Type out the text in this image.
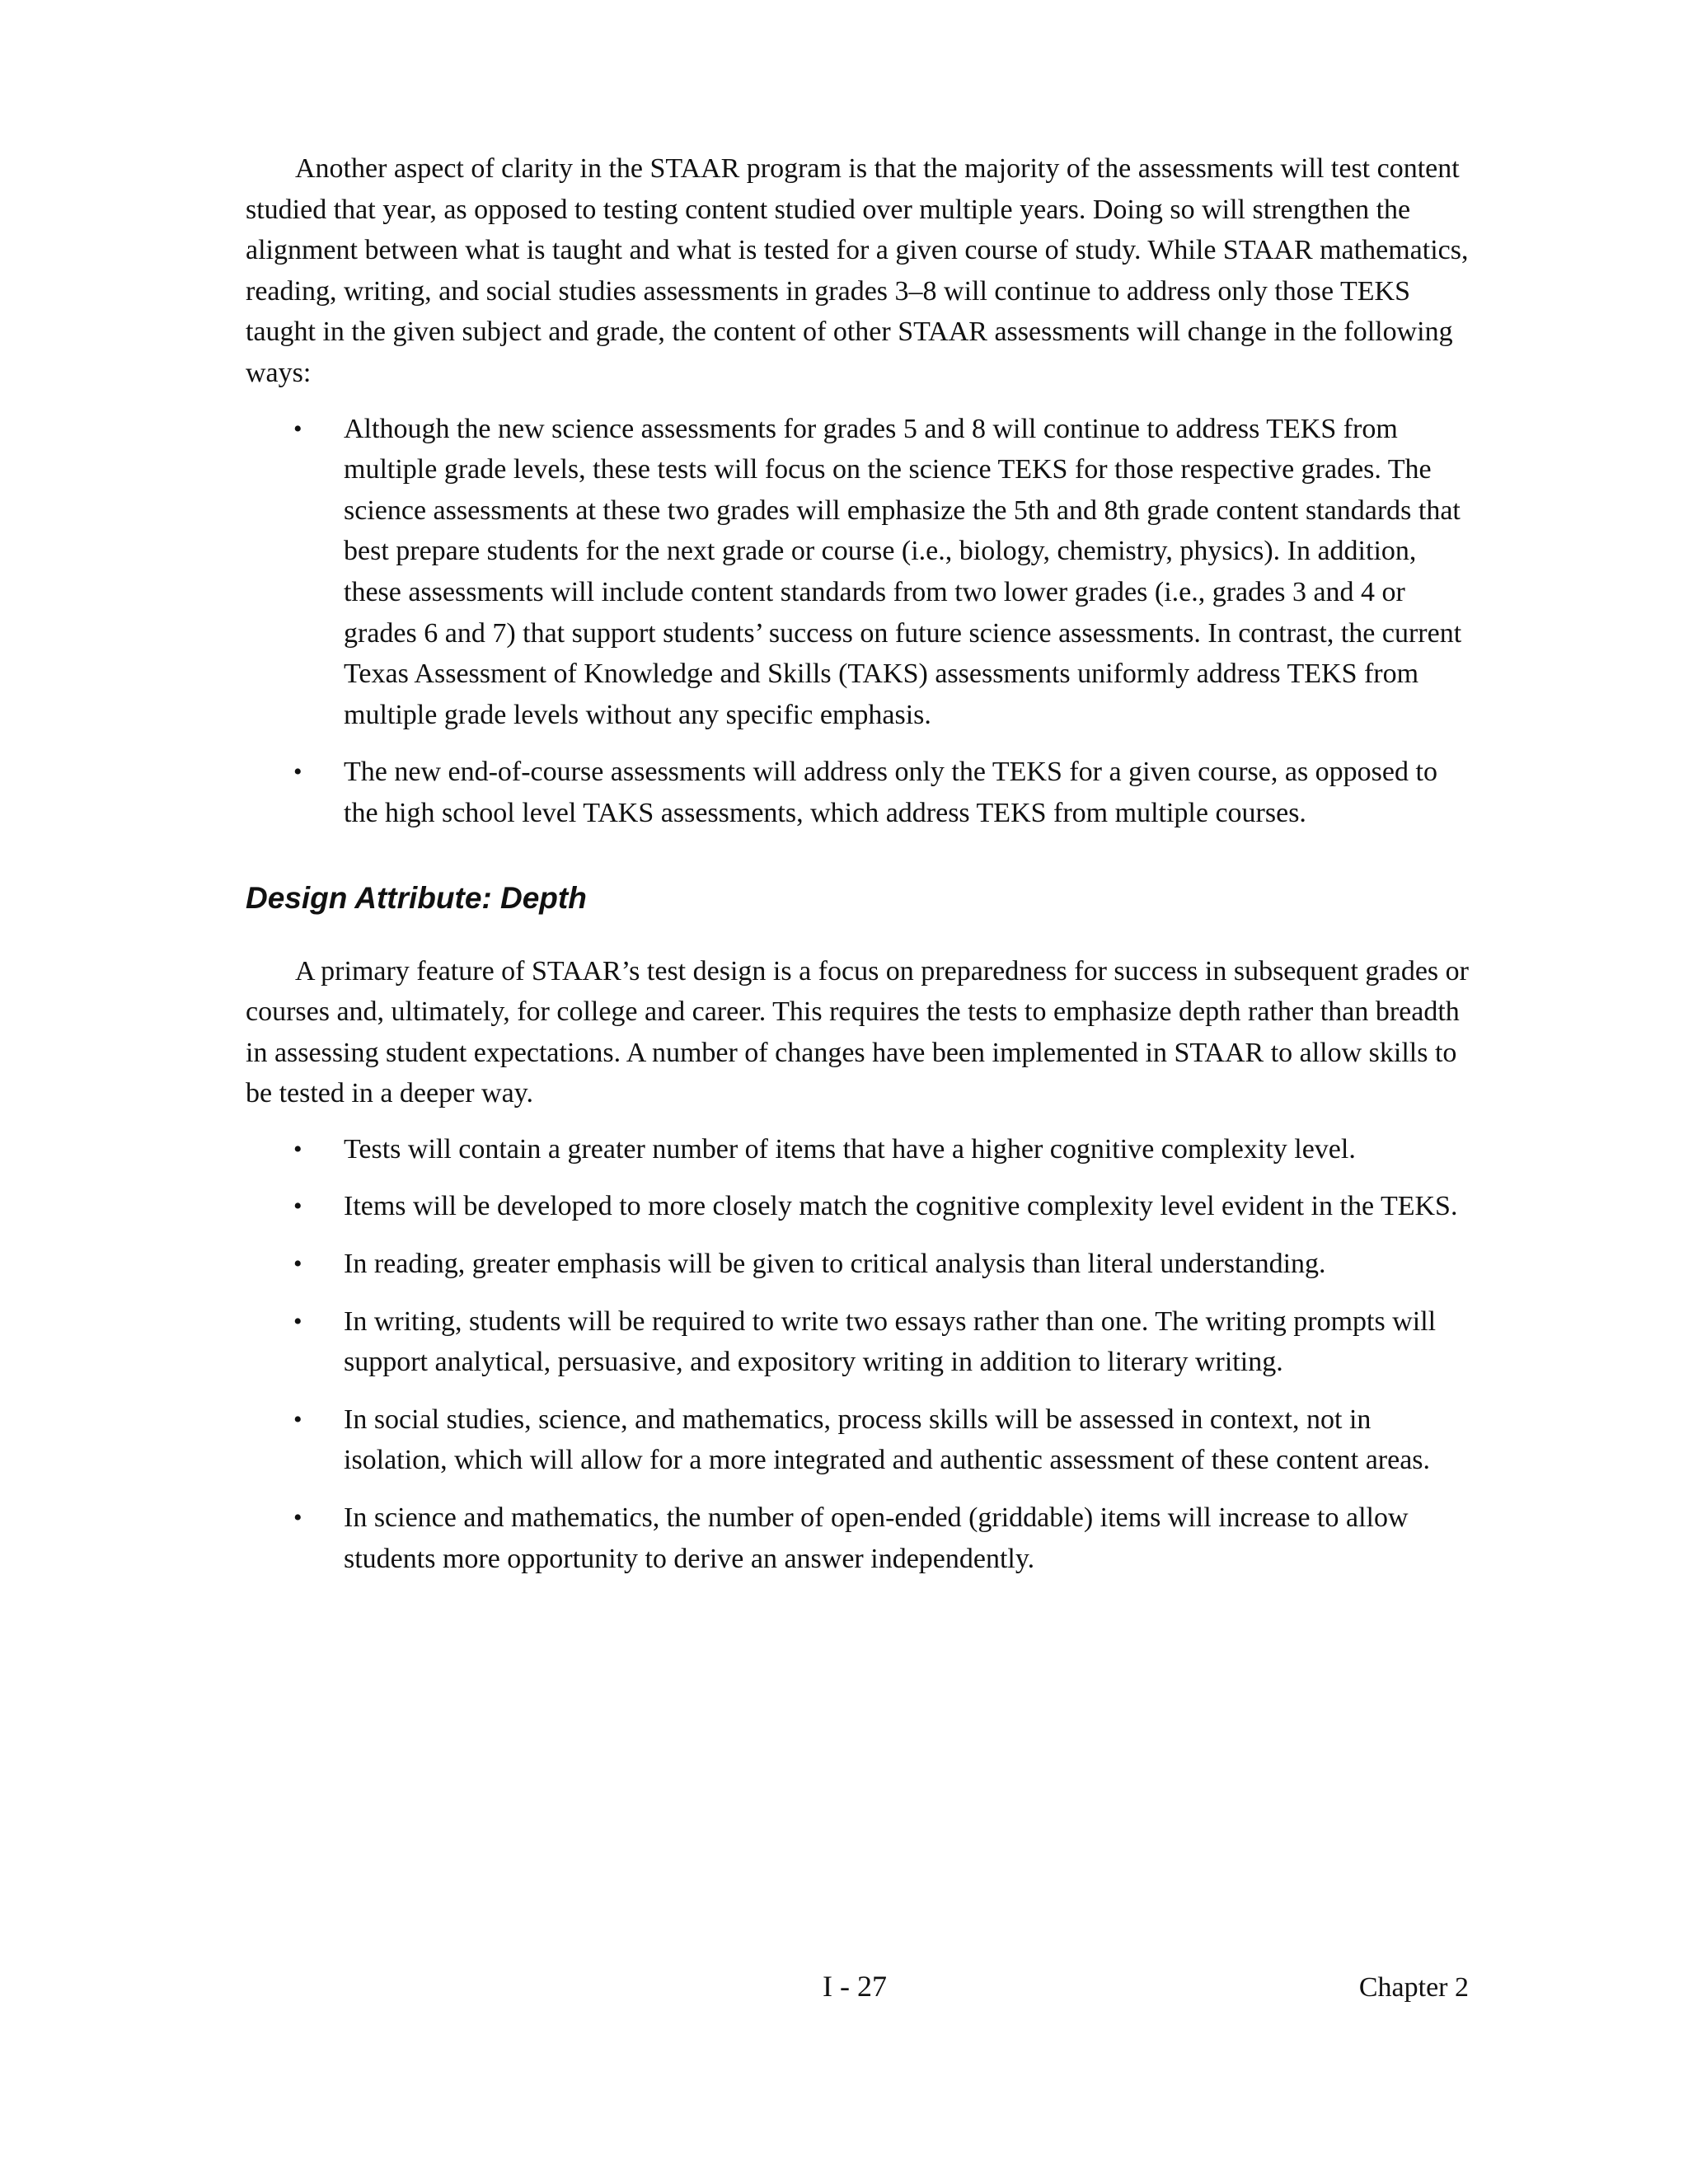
Another aspect of clarity in the STAAR program is that the majority of the assessments will test content studied that year, as opposed to testing content studied over multiple years. Doing so will strengthen the alignment between what is taught and what is tested for a given course of study. While STAAR mathematics, reading, writing, and social studies assessments in grades 3–8 will continue to address only those TEKS taught in the given subject and grade, the content of other STAAR assessments will change in the following ways:

• Although the new science assessments for grades 5 and 8 will continue to address TEKS from multiple grade levels, these tests will focus on the science TEKS for those respective grades. The science assessments at these two grades will emphasize the 5th and 8th grade content standards that best prepare students for the next grade or course (i.e., biology, chemistry, physics). In addition, these assessments will include content standards from two lower grades (i.e., grades 3 and 4 or grades 6 and 7) that support students’ success on future science assessments. In contrast, the current Texas Assessment of Knowledge and Skills (TAKS) assessments uniformly address TEKS from multiple grade levels without any specific emphasis.
• The new end-of-course assessments will address only the TEKS for a given course, as opposed to the high school level TAKS assessments, which address TEKS from multiple courses.
Design Attribute: Depth

A primary feature of STAAR’s test design is a focus on preparedness for success in subsequent grades or courses and, ultimately, for college and career. This requires the tests to emphasize depth rather than breadth in assessing student expectations. A number of changes have been implemented in STAAR to allow skills to be tested in a deeper way.

• Tests will contain a greater number of items that have a higher cognitive complexity level.
• Items will be developed to more closely match the cognitive complexity level evident in the TEKS.
• In reading, greater emphasis will be given to critical analysis than literal understanding.
• In writing, students will be required to write two essays rather than one. The writing prompts will support analytical, persuasive, and expository writing in addition to literary writing.
• In social studies, science, and mathematics, process skills will be assessed in context, not in isolation, which will allow for a more integrated and authentic assessment of these content areas.
• In science and mathematics, the number of open-ended (griddable) items will increase to allow students more opportunity to derive an answer independently.
I - 27	Chapter 2
